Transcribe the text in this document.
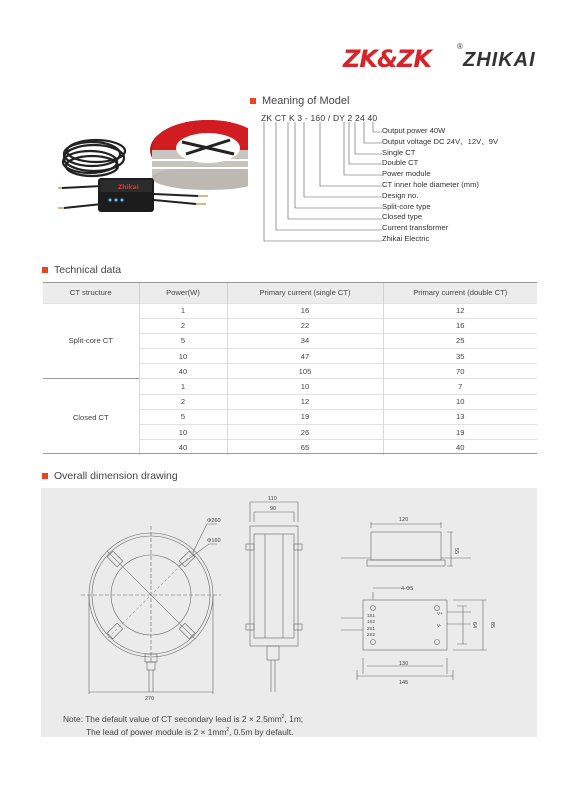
ZK&ZK	®
ZHIKAI
Meaning of Model
Zhikai
ZK CT K 3 - 160 / DY 2 24 40
Output power 40W
Output voltage DC 24V、12V、9V
Single CT
Double CT
Power module
CT inner hole diameter (mm)
Design no.
Split-core type
Closed type
Current transformer
Zhikai Electric
Technical data
CT structure	Power(W)	Primary current (single CT)	Primary current (double CT)
Split-core CT	1	16	12
	2	22	16
	5	34	25
	10	47	35
	40	105	70
Closed CT	1	10	7
	2	12	10
	5	19	13
	10	26	19
	40	65	40
Overall dimension drawing
Φ260
Φ160
270
110
90
120
55
4-Φ5
130
145
64 85
1S1
1S2
2S1
2S2
V+
V-
Note: The default value of CT secondary lead is $2 \times 2.5mm^2$, 1m;
The lead of power module is $2 \times 1mm^2$, 0.5m by default.
